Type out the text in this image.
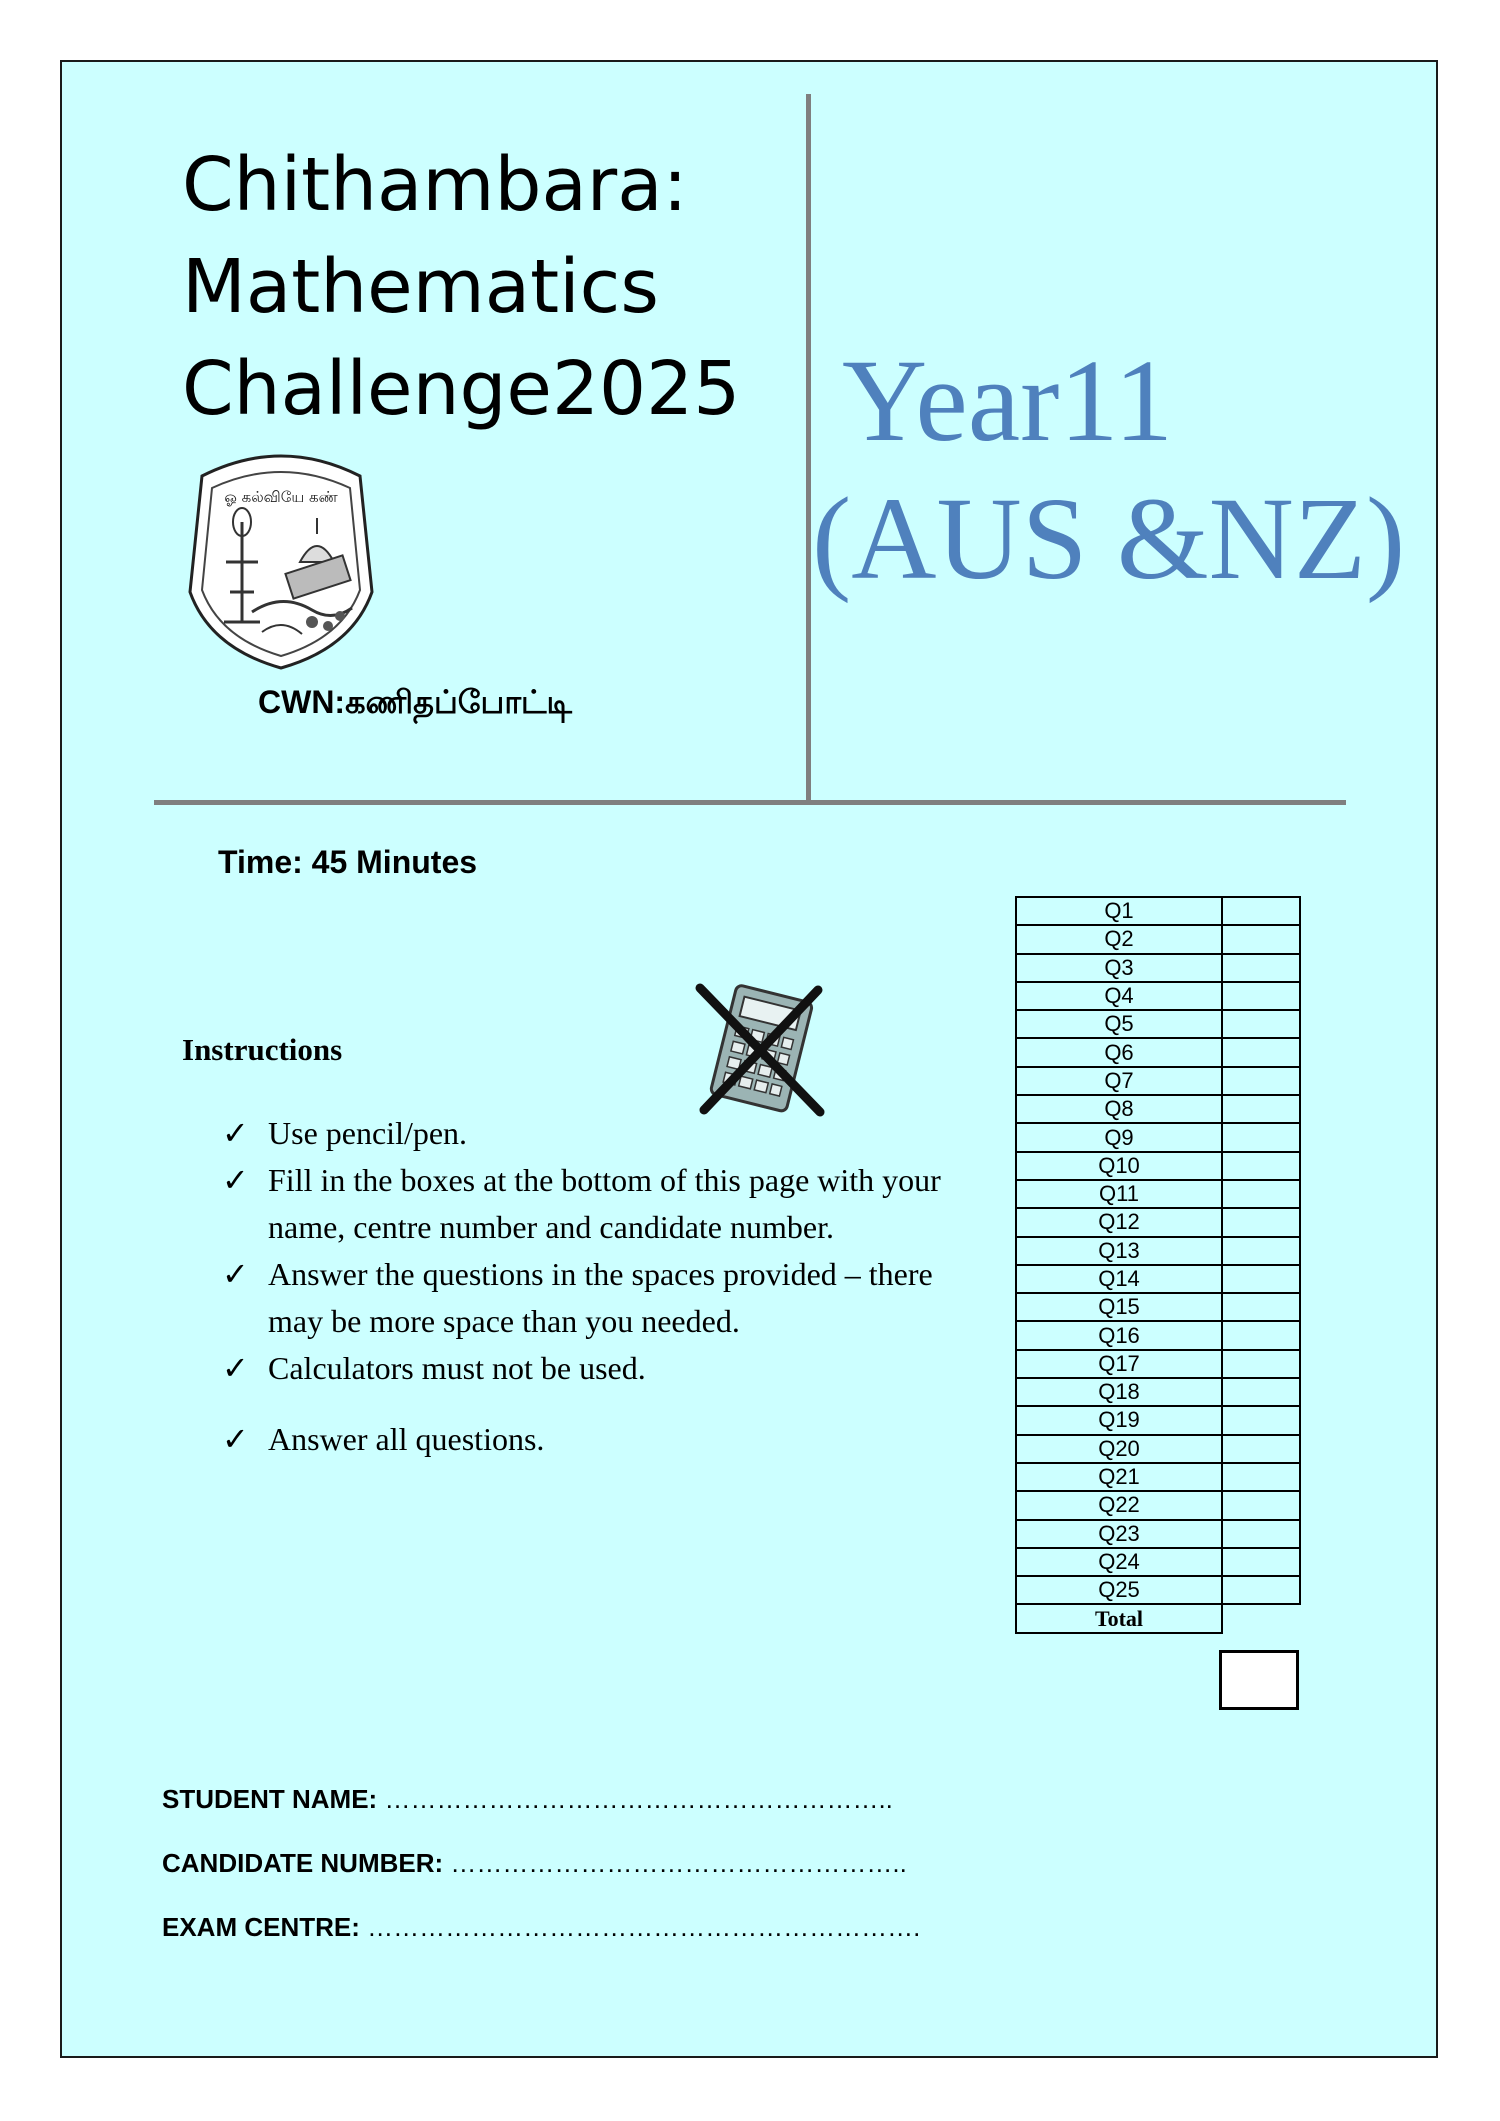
Chithambara:
Mathematics
Challenge2025 Year11
(AUS &NZ)
ஓ கல்வியே கண்
CWN:கணிதப்போட்டி
Time: 45 Minutes
Instructions
✓ Use pencil/pen.
✓ Fill in the boxes at the bottom of this page with your name, centre number and candidate number.
✓ Answer the questions in the spaces provided – there may be more space than you needed.
✓ Calculators must not be used.
✓ Answer all questions.
Q1	
Q2	
Q3	
Q4	
Q5	
Q6	
Q7	
Q8	
Q9	
Q10	
Q11	
Q12	
Q13	
Q14	
Q15	
Q16	
Q17	
Q18	
Q19	
Q20	
Q21	
Q22	
Q23	
Q24	
Q25	
Total	
STUDENT NAME: …………………………………………………..
CANDIDATE NUMBER: ……………………………………………..
EXAM CENTRE: ……………………………………………………….
